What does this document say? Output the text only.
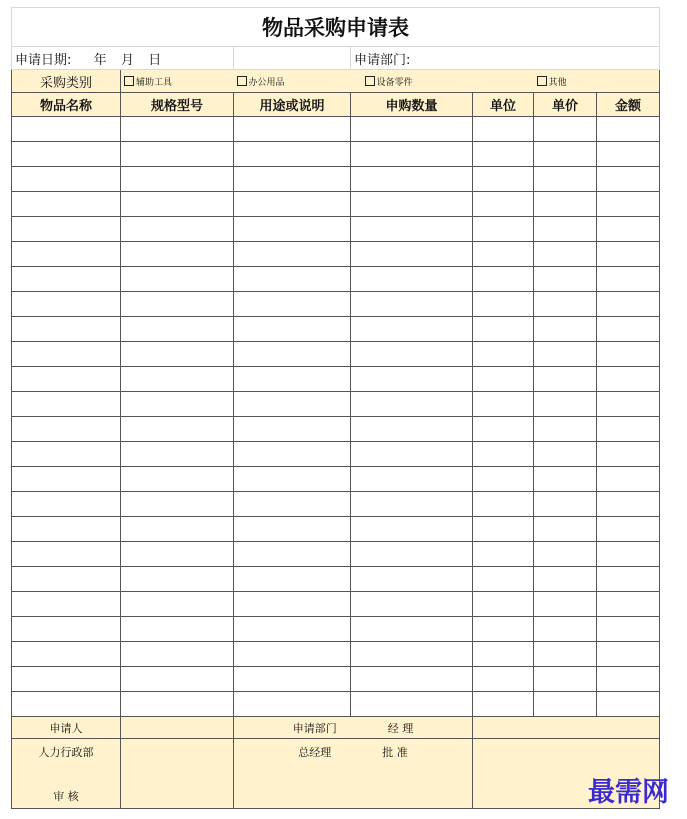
物品采购申请表						
申请日期: 年 月 日			申请部门:			
采购类别	辅助工具	办公用品	设备零件		其他	
物品名称	规格型号	用途或说明	申购数量	单位	单价	金额

申请人		申请部门 经 理				

人力行政部
审 核		总经理 批 准				
最需网
